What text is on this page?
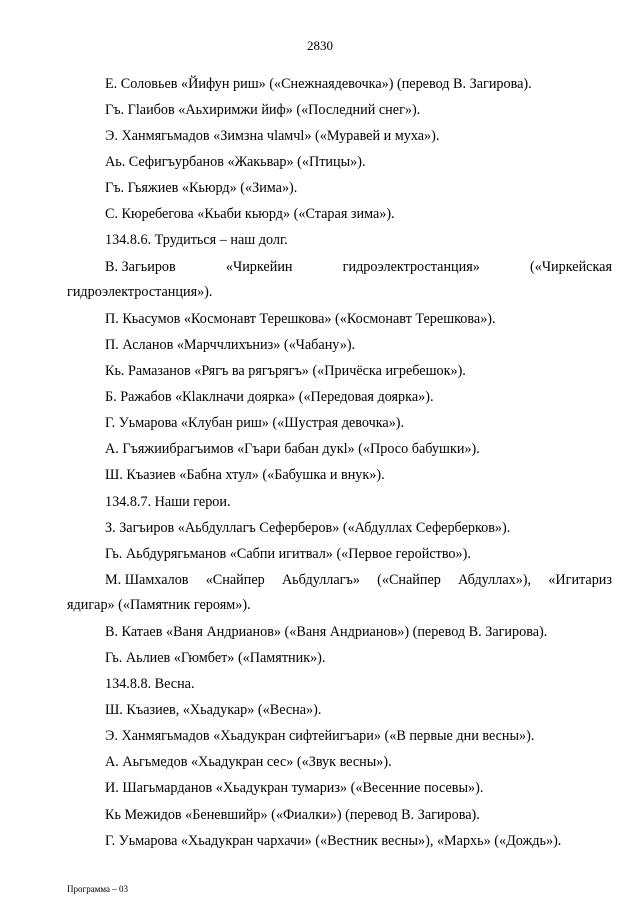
2830
Е. Соловьев «Йифун риш» («Снежнаядевочка») (перевод В. Загирова).
Гъ. Гlаибов «Аьхиримжи йиф» («Последний снег»).
Э. Ханмягьмадов «Зимзна чlамчl» («Муравей и муха»).
Аь. Сефигъурбанов «Жакьвар» («Птицы»).
Гъ. Гьяжиев «Кьюрд» («Зима»).
С. Кюребегова «Кьаби кьюрд» («Старая зима»).
134.8.6. Трудиться – наш долг.
В. Загьиров	«Чиркейин	гидроэлектростанция»	(«Чиркейская
гидроэлектростанция»).
П. Кьасумов «Космонавт Терешкова» («Космонавт Терешкова»).
П. Асланов «Марччлихъниз» («Чабану»).
Кь. Рамазанов «Рягъ ва рягърягъ» («Причёска игребешок»).
Б. Ражабов «Кlаклначи доярка» («Передовая доярка»).
Г. Уьмарова «Клубан риш» («Шустрая девочка»).
А. Гъяжиибрагъимов «Гъари бабан дукl» («Просо бабушки»).
Ш. Къазиев «Бабна хтул» («Бабушка и внук»).
134.8.7. Наши герои.
З. Загъиров «Аьбдуллагъ Сеферберов» («Абдуллах Сеферберков»).
Гь. Аьбдурягьманов «Сабпи игитвал» («Первое геройство»).
М. Шамхалов «Снайпер Аьбдуллагъ» («Снайпер Абдуллах»), «Игитариз
ядигар» («Памятник героям»).
В. Катаев «Ваня Андрианов» («Ваня Андрианов») (перевод В. Загирова).
Гь. Аьлиев «Гюмбет» («Памятник»).
134.8.8. Весна.
Ш. Къазиев, «Хьадукар» («Весна»).
Э. Ханмягьмадов «Хьадукран сифтейигъари» («В первые дни весны»).
А. Аьгьмедов «Хьадукран сес» («Звук весны»).
И. Шагьмарданов «Хьадукран тумариз» («Весенние посевы»).
Кь Межидов «Беневшийр» («Фиалки») (перевод В. Загирова).
Г. Уьмарова «Хьадукран чархачи» («Вестник весны»), «Мархь» («Дождь»).
Программа – 03
